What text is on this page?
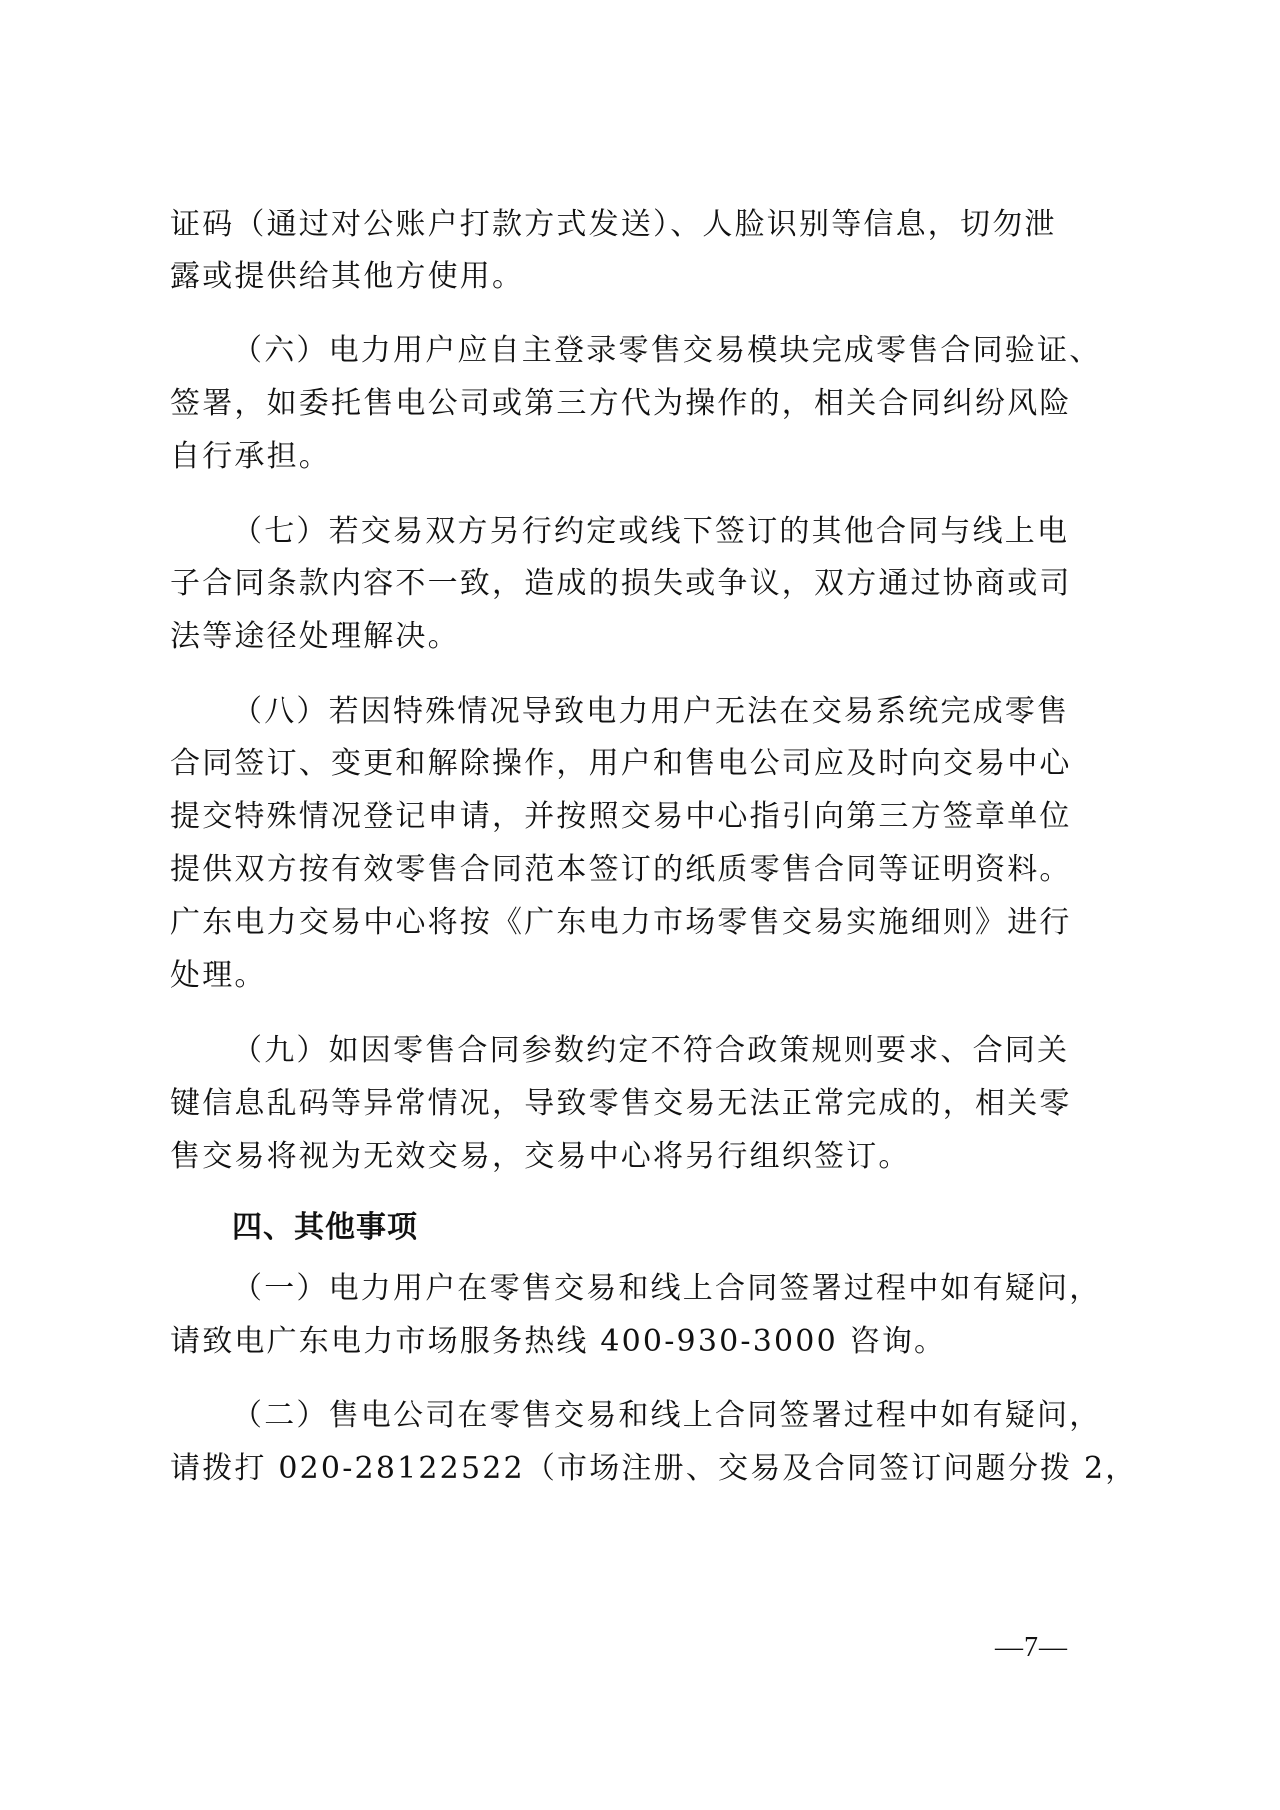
证码（通过对公账户打款方式发送）、人脸识别等信息，切勿泄
露或提供给其他方使用。
（六）电力用户应自主登录零售交易模块完成零售合同验证、
签署，如委托售电公司或第三方代为操作的，相关合同纠纷风险
自行承担。
（七）若交易双方另行约定或线下签订的其他合同与线上电
子合同条款内容不一致，造成的损失或争议，双方通过协商或司
法等途径处理解决。
（八）若因特殊情况导致电力用户无法在交易系统完成零售
合同签订、变更和解除操作，用户和售电公司应及时向交易中心
提交特殊情况登记申请，并按照交易中心指引向第三方签章单位
提供双方按有效零售合同范本签订的纸质零售合同等证明资料。
广东电力交易中心将按《广东电力市场零售交易实施细则》进行
处理。
（九）如因零售合同参数约定不符合政策规则要求、合同关
键信息乱码等异常情况，导致零售交易无法正常完成的，相关零
售交易将视为无效交易，交易中心将另行组织签订。
四、其他事项
（一）电力用户在零售交易和线上合同签署过程中如有疑问，
请致电广东电力市场服务热线 400-930-3000 咨询。
（二）售电公司在零售交易和线上合同签署过程中如有疑问，
请拨打 020-28122522（市场注册、交易及合同签订问题分拨 2，
—7—
